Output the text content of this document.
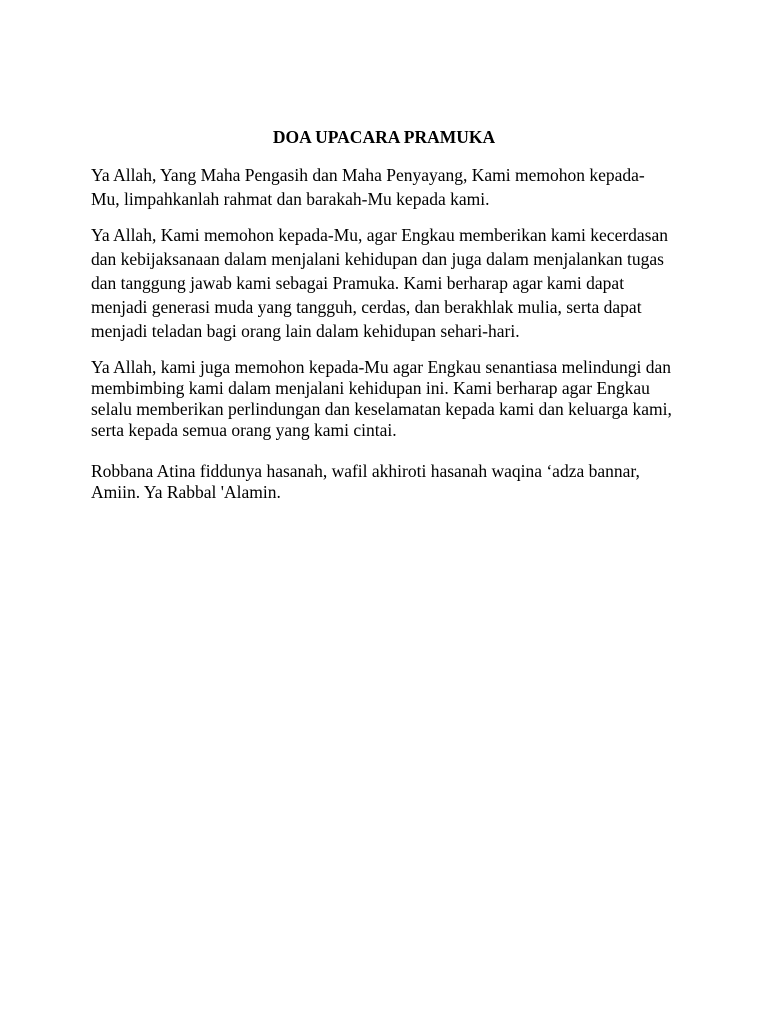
DOA UPACARA PRAMUKA
Ya Allah, Yang Maha Pengasih dan Maha Penyayang, Kami memohon kepada-
Mu, limpahkanlah rahmat dan barakah-Mu kepada kami.
Ya Allah, Kami memohon kepada-Mu, agar Engkau memberikan kami kecerdasan
dan kebijaksanaan dalam menjalani kehidupan dan juga dalam menjalankan tugas
dan tanggung jawab kami sebagai Pramuka. Kami berharap agar kami dapat
menjadi generasi muda yang tangguh, cerdas, dan berakhlak mulia, serta dapat
menjadi teladan bagi orang lain dalam kehidupan sehari-hari.
Ya Allah, kami juga memohon kepada-Mu agar Engkau senantiasa melindungi dan
membimbing kami dalam menjalani kehidupan ini. Kami berharap agar Engkau
selalu memberikan perlindungan dan keselamatan kepada kami dan keluarga kami,
serta kepada semua orang yang kami cintai.
Robbana Atina fiddunya hasanah, wafil akhiroti hasanah waqina ‘adza bannar,
Amiin. Ya Rabbal 'Alamin.
